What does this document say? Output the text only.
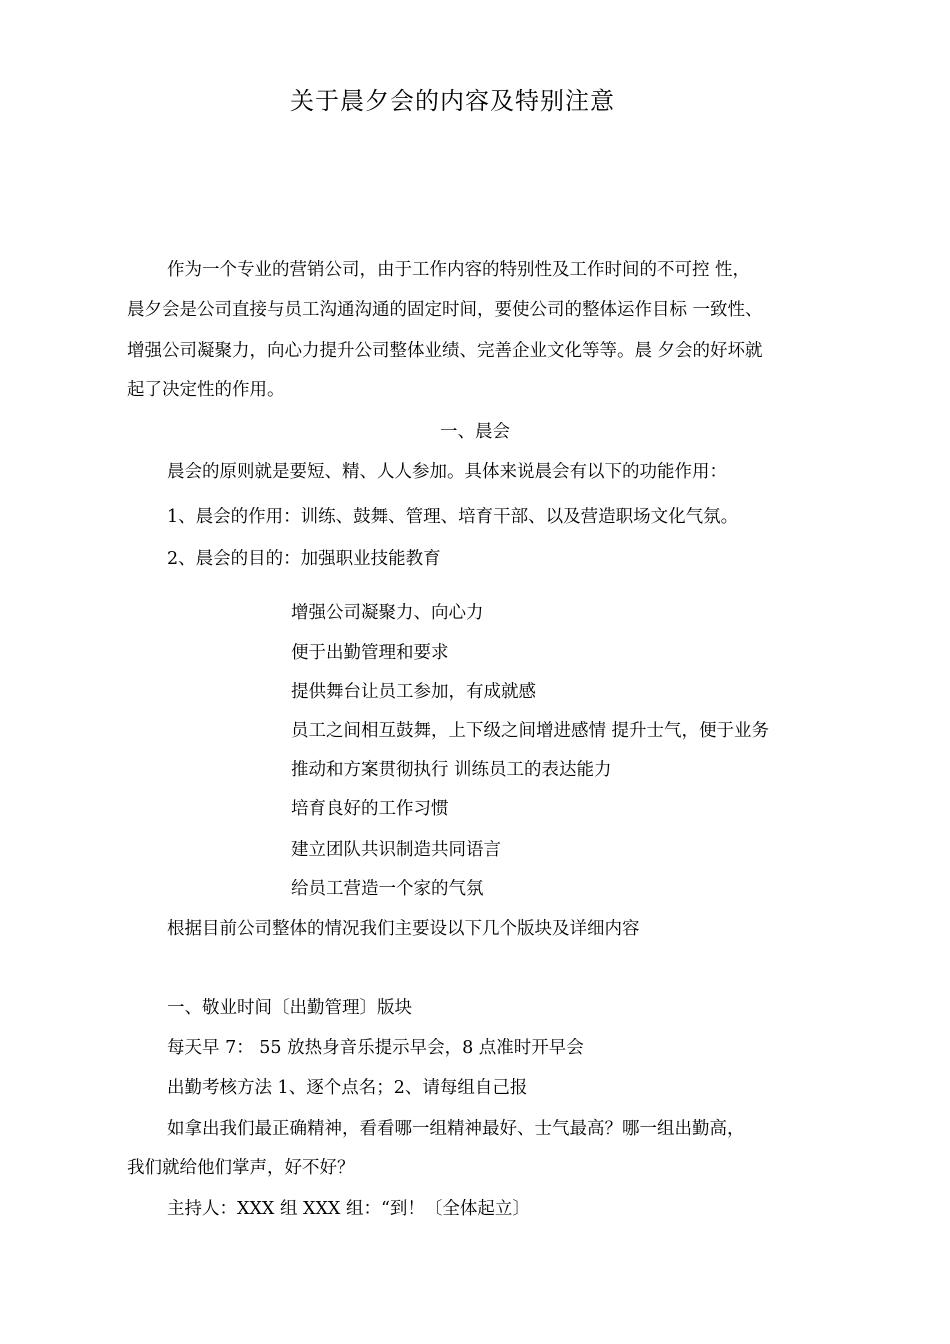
关于晨夕会的内容及特别注意

作为一个专业的营销公司，由于工作内容的特别性及工作时间的不可控 性，

晨夕会是公司直接与员工沟通沟通的固定时间，要使公司的整体运作目标 一致性、

增强公司凝聚力，向心力提升公司整体业绩、完善企业文化等等。晨 夕会的好坏就

起了决定性的作用。

一、晨会

晨会的原则就是要短、精、人人参加。具体来说晨会有以下的功能作用：

1、晨会的作用：训练、鼓舞、管理、培育干部、以及营造职场文化气氛。

2、晨会的目的：加强职业技能教育

增强公司凝聚力、向心力

便于出勤管理和要求

提供舞台让员工参加，有成就感

员工之间相互鼓舞，上下级之间增进感情 提升士气，便于业务

推动和方案贯彻执行 训练员工的表达能力

培育良好的工作习惯

建立团队共识制造共同语言

给员工营造一个家的气氛

根据目前公司整体的情况我们主要设以下几个版块及详细内容

一、敬业时间〔出勤管理〕版块

每天早 7： 55 放热身音乐提示早会，8 点准时开早会

出勤考核方法 1、逐个点名；2、请每组自己报

如拿出我们最正确精神，看看哪一组精神最好、士气最高？哪一组出勤高，

我们就给他们掌声，好不好？

主持人：XXX 组 XXX 组：“到！〔全体起立〕
